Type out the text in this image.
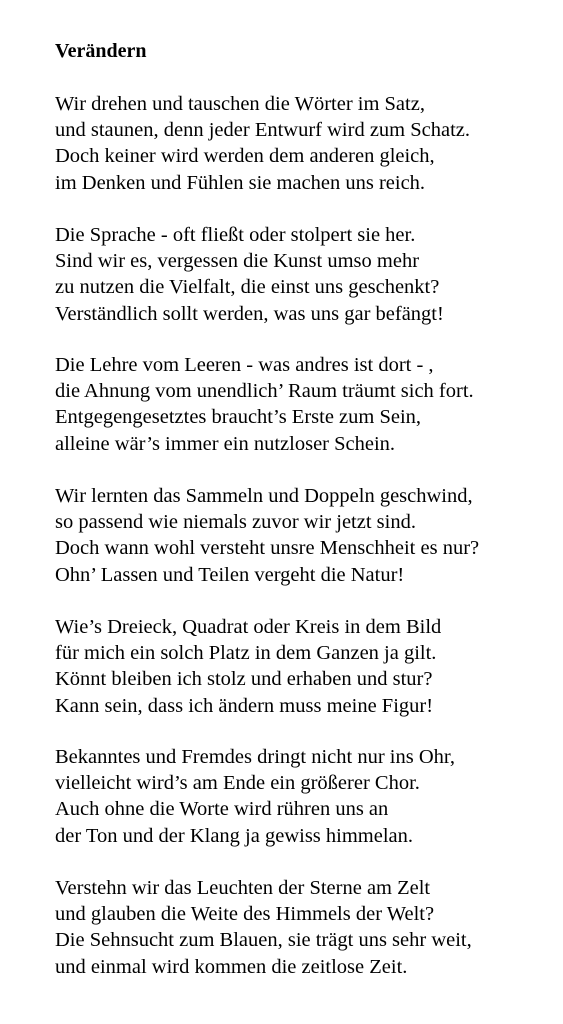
Verändern

Wir drehen und tauschen die Wörter im Satz,
und staunen, denn jeder Entwurf wird zum Schatz.
Doch keiner wird werden dem anderen gleich,
im Denken und Fühlen sie machen uns reich.

Die Sprache - oft fließt oder stolpert sie her.
Sind wir es, vergessen die Kunst umso mehr
zu nutzen die Vielfalt, die einst uns geschenkt?
Verständlich sollt werden, was uns gar befängt!

Die Lehre vom Leeren - was andres ist dort - ,
die Ahnung vom unendlich’ Raum träumt sich fort.
Entgegengesetztes braucht’s Erste zum Sein,
alleine wär’s immer ein nutzloser Schein.

Wir lernten das Sammeln und Doppeln geschwind,
so passend wie niemals zuvor wir jetzt sind.
Doch wann wohl versteht unsre Menschheit es nur?
Ohn’ Lassen und Teilen vergeht die Natur!

Wie’s Dreieck, Quadrat oder Kreis in dem Bild
für mich ein solch Platz in dem Ganzen ja gilt.
Könnt bleiben ich stolz und erhaben und stur?
Kann sein, dass ich ändern muss meine Figur!

Bekanntes und Fremdes dringt nicht nur ins Ohr,
vielleicht wird’s am Ende ein größerer Chor.
Auch ohne die Worte wird rühren uns an
der Ton und der Klang ja gewiss himmelan.

Verstehn wir das Leuchten der Sterne am Zelt
und glauben die Weite des Himmels der Welt?
Die Sehnsucht zum Blauen, sie trägt uns sehr weit,
und einmal wird kommen die zeitlose Zeit.
